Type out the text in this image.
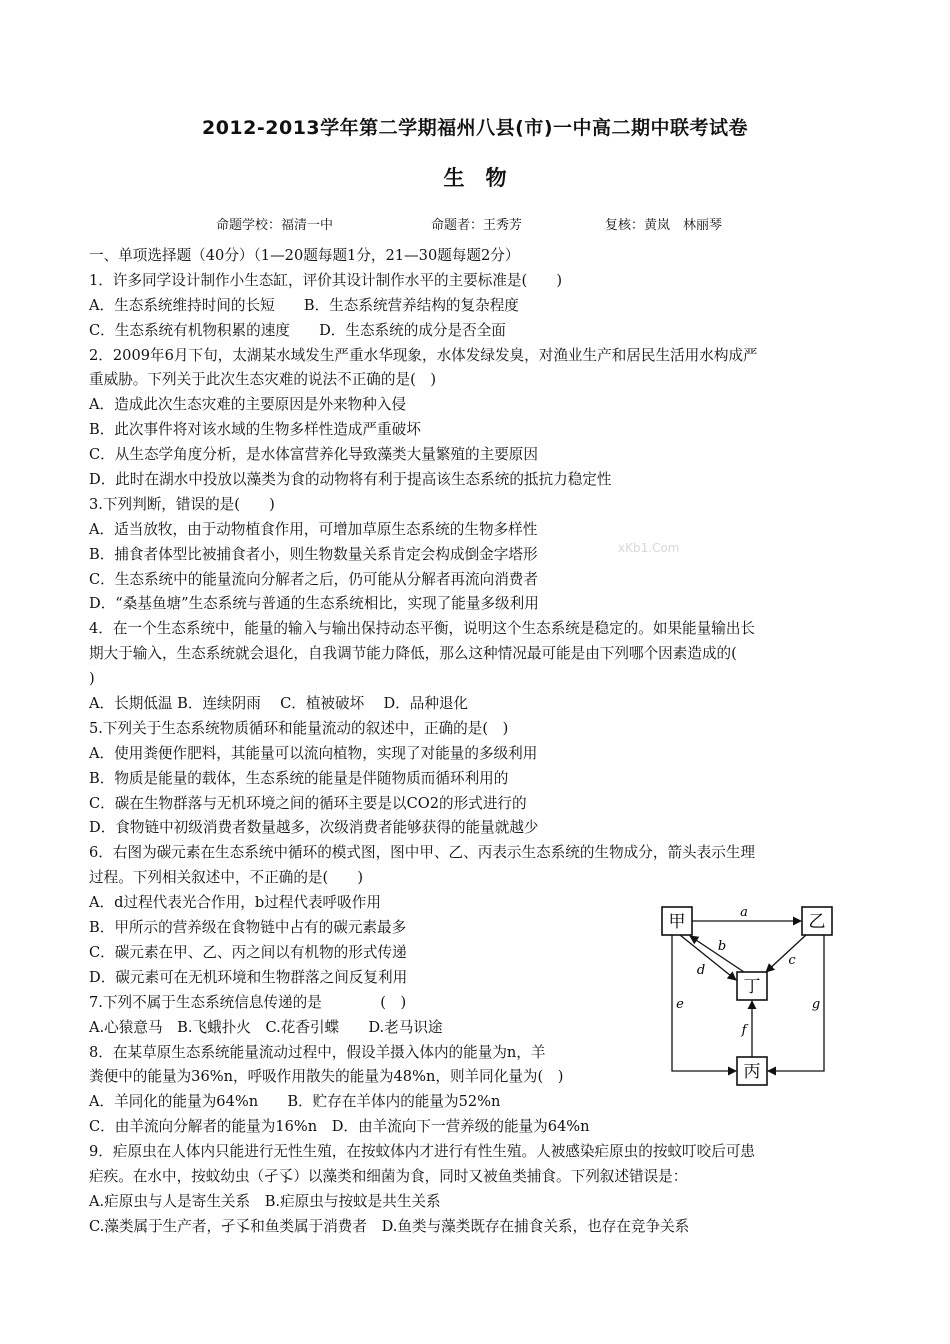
2012-2013学年第二学期福州八县(市)一中高二期中联考试卷
生　物
命题学校：福清一中	命题者：王秀芳	复核：黄岚　林丽琴
xKb1.Com
一、单项选择题（40分）（1—20题每题1分，21—30题每题2分）
1．许多同学设计制作小生态缸，评价其设计制作水平的主要标准是(　　)
A．生态系统维持时间的长短　　B．生态系统营养结构的复杂程度
C．生态系统有机物积累的速度　　D．生态系统的成分是否全面
2．2009年6月下旬，太湖某水域发生严重水华现象，水体发绿发臭，对渔业生产和居民生活用水构成严
重威胁。下列关于此次生态灾难的说法不正确的是(　)
A．造成此次生态灾难的主要原因是外来物种入侵
B．此次事件将对该水域的生物多样性造成严重破坏
C．从生态学角度分析，是水体富营养化导致藻类大量繁殖的主要原因
D．此时在湖水中投放以藻类为食的动物将有利于提高该生态系统的抵抗力稳定性
3.下列判断，错误的是(　　)
A．适当放牧，由于动物植食作用，可增加草原生态系统的生物多样性
B．捕食者体型比被捕食者小，则生物数量关系肯定会构成倒金字塔形
C．生态系统中的能量流向分解者之后，仍可能从分解者再流向消费者
D．“桑基鱼塘”生态系统与普通的生态系统相比，实现了能量多级利用
4．在一个生态系统中，能量的输入与输出保持动态平衡，说明这个生态系统是稳定的。如果能量输出长
期大于输入，生态系统就会退化，自我调节能力降低，那么这种情况最可能是由下列哪个因素造成的(
)
A．长期低温 B．连续阴雨　 C．植被破坏　 D．品种退化
5.下列关于生态系统物质循环和能量流动的叙述中，正确的是(　)
A．使用粪便作肥料，其能量可以流向植物，实现了对能量的多级利用
B．物质是能量的载体，生态系统的能量是伴随物质而循环利用的
C．碳在生物群落与无机环境之间的循环主要是以CO2的形式进行的
D．食物链中初级消费者数量越多，次级消费者能够获得的能量就越少
6．右图为碳元素在生态系统中循环的模式图，图中甲、乙、丙表示生态系统的生物成分，箭头表示生理
过程。下列相关叙述中，不正确的是(　　)
A．d过程代表光合作用，b过程代表呼吸作用
B．甲所示的营养级在食物链中占有的碳元素最多
C．碳元素在甲、乙、丙之间以有机物的形式传递
D．碳元素可在无机环境和生物群落之间反复利用
7.下列不属于生态系统信息传递的是　　　　(　)
A.心猿意马　B.飞蛾扑火　C.花香引蝶　　D.老马识途
8．在某草原生态系统能量流动过程中，假设羊摄入体内的能量为n，羊
粪便中的能量为36%n，呼吸作用散失的能量为48%n，则羊同化量为(　)
A．羊同化的能量为64%n　　B．贮存在羊体内的能量为52%n
C．由羊流向分解者的能量为16%n　D．由羊流向下一营养级的能量为64%n
9．疟原虫在人体内只能进行无性生殖，在按蚊体内才进行有性生殖。人被感染疟原虫的按蚊叮咬后可患
疟疾。在水中，按蚊幼虫（孑孓）以藻类和细菌为食，同时又被鱼类捕食。下列叙述错误是：
A.疟原虫与人是寄生关系　B.疟原虫与按蚊是共生关系
C.藻类属于生产者，孑孓和鱼类属于消费者　D.鱼类与藻类既存在捕食关系，也存在竞争关系
甲	乙
丁
丙
a
b
d
c
e
f
g
